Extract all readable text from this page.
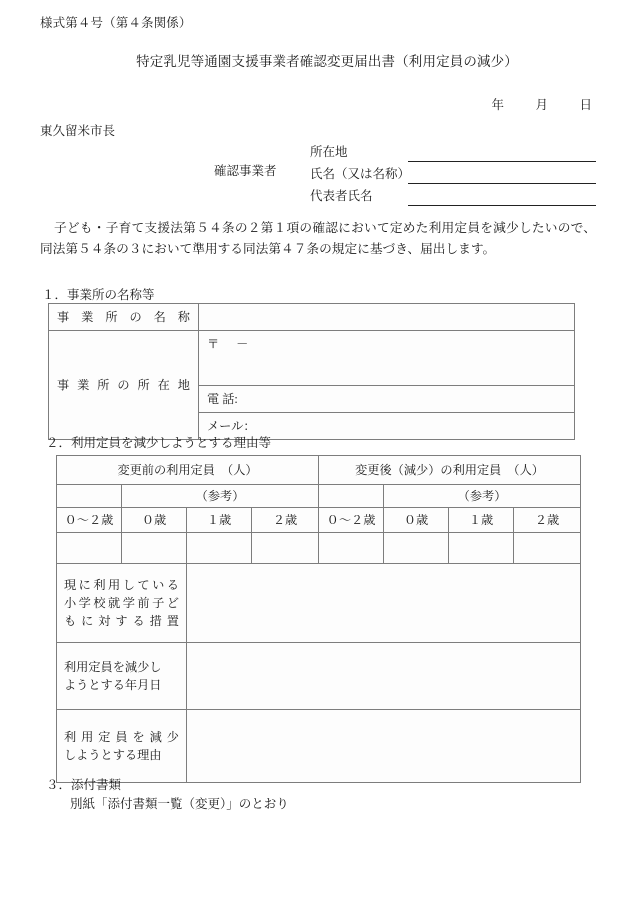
様式第４号（第４条関係）
特定乳児等通園支援事業者確認変更届出書（利用定員の減少）
年	月	日
東久留米市長
確認事業者
所在地
氏名（又は名称）
代表者氏名
子ども・子育て支援法第５４条の２第１項の確認において定めた利用定員を減少したいので、同法第５４条の３において準用する同法第４７条の規定に基づき、届出します。
１．事業所の名称等
事業所の名称	

事業所の所在地	〒 －
	電 話:
	メール：
２．利用定員を減少しようとする理由等
変更前の利用定員　（人）				変更後（減少）の利用定員　（人）			
	（参考）				（参考）		
０～２歳	０歳	１歳	２歳	０～２歳	０歳	１歳	２歳

現に利用している
小学校就学前子ど
もに対する措置							

利用定員を減少し
ようとする年月日							

利用定員を減少
しようとする理由							

３．添付書類
別紙「添付書類一覧（変更）」のとおり
